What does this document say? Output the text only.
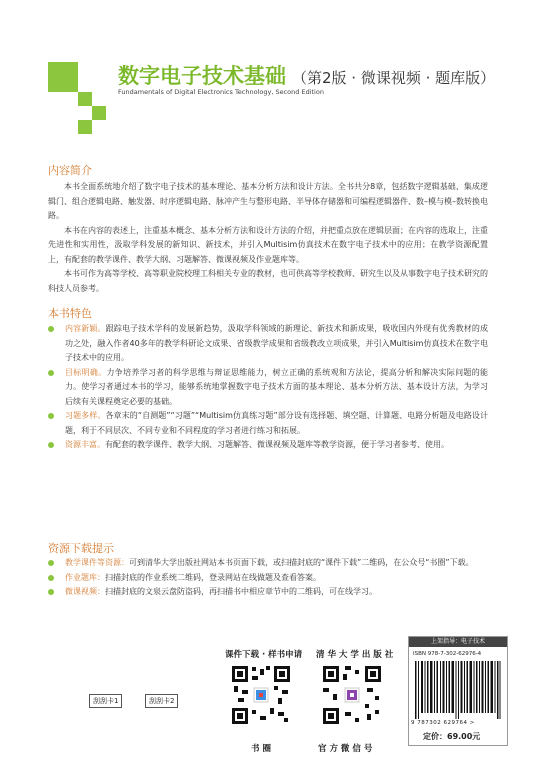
数字电子技术基础 （第2版 · 微课视频 · 题库版）
Fundamentals of Digital Electronics Technology, Second Edition
内容简介

本书全面系统地介绍了数字电子技术的基本理论、基本分析方法和设计方法。全书共分8章，包括数字逻辑基础、集成逻辑门、组合逻辑电路、触发器、时序逻辑电路、脉冲产生与整形电路、半导体存储器和可编程逻辑器件、数–模与模–数转换电路。

本书在内容的表述上，注重基本概念、基本分析方法和设计方法的介绍，并把重点放在逻辑层面；在内容的选取上，注重先进性和实用性，汲取学科发展的新知识、新技术，并引入Multisim仿真技术在数字电子技术中的应用；在教学资源配置上，有配套的教学课件、教学大纲、习题解答、微课视频及作业题库等。

本书可作为高等学校、高等职业院校理工科相关专业的教材，也可供高等学校教师、研究生以及从事数字电子技术研究的科技人员参考。

本书特色
内容新颖。跟踪电子技术学科的发展新趋势，汲取学科领域的新理论、新技术和新成果，吸收国内外现有优秀教材的成功之处，融入作者40多年的教学科研论文成果、省级教学成果和省级教改立项成果，并引入Multisim仿真技术在数字电子技术中的应用。
目标明确。力争培养学习者的科学思维与辩证思维能力，树立正确的系统观和方法论，提高分析和解决实际问题的能力。使学习者通过本书的学习，能够系统地掌握数字电子技术方面的基本理论、基本分析方法、基本设计方法，为学习后续有关课程奠定必要的基础。
习题多样。各章末的“自测题”“习题”“Multisim仿真练习题”部分设有选择题、填空题、计算题、电路分析题及电路设计题，利于不同层次、不同专业和不同程度的学习者进行练习和拓展。
资源丰富。有配套的教学课件、教学大纲、习题解答、微课视频及题库等教学资源，便于学习者参考、使用。
资源下载提示
教学课件等资源：可到清华大学出版社网站本书页面下载，或扫描封底的“课件下载”二维码，在公众号“书圈”下载。
作业题库：扫描封底的作业系统二维码，登录网站在线做题及查看答案。
微课视频：扫描封底的文泉云盘防盗码，再扫描书中相应章节中的二维码，可在线学习。
课件下载 · 样书申请 清 华 大 学 出 版 社
书 圈	官 方 微 信 号
刮刮卡1	刮刮卡2
上架指导：电子技术
ISBN 978-7-302-62976-4
9 787302 629764 >
定价：69.00元
